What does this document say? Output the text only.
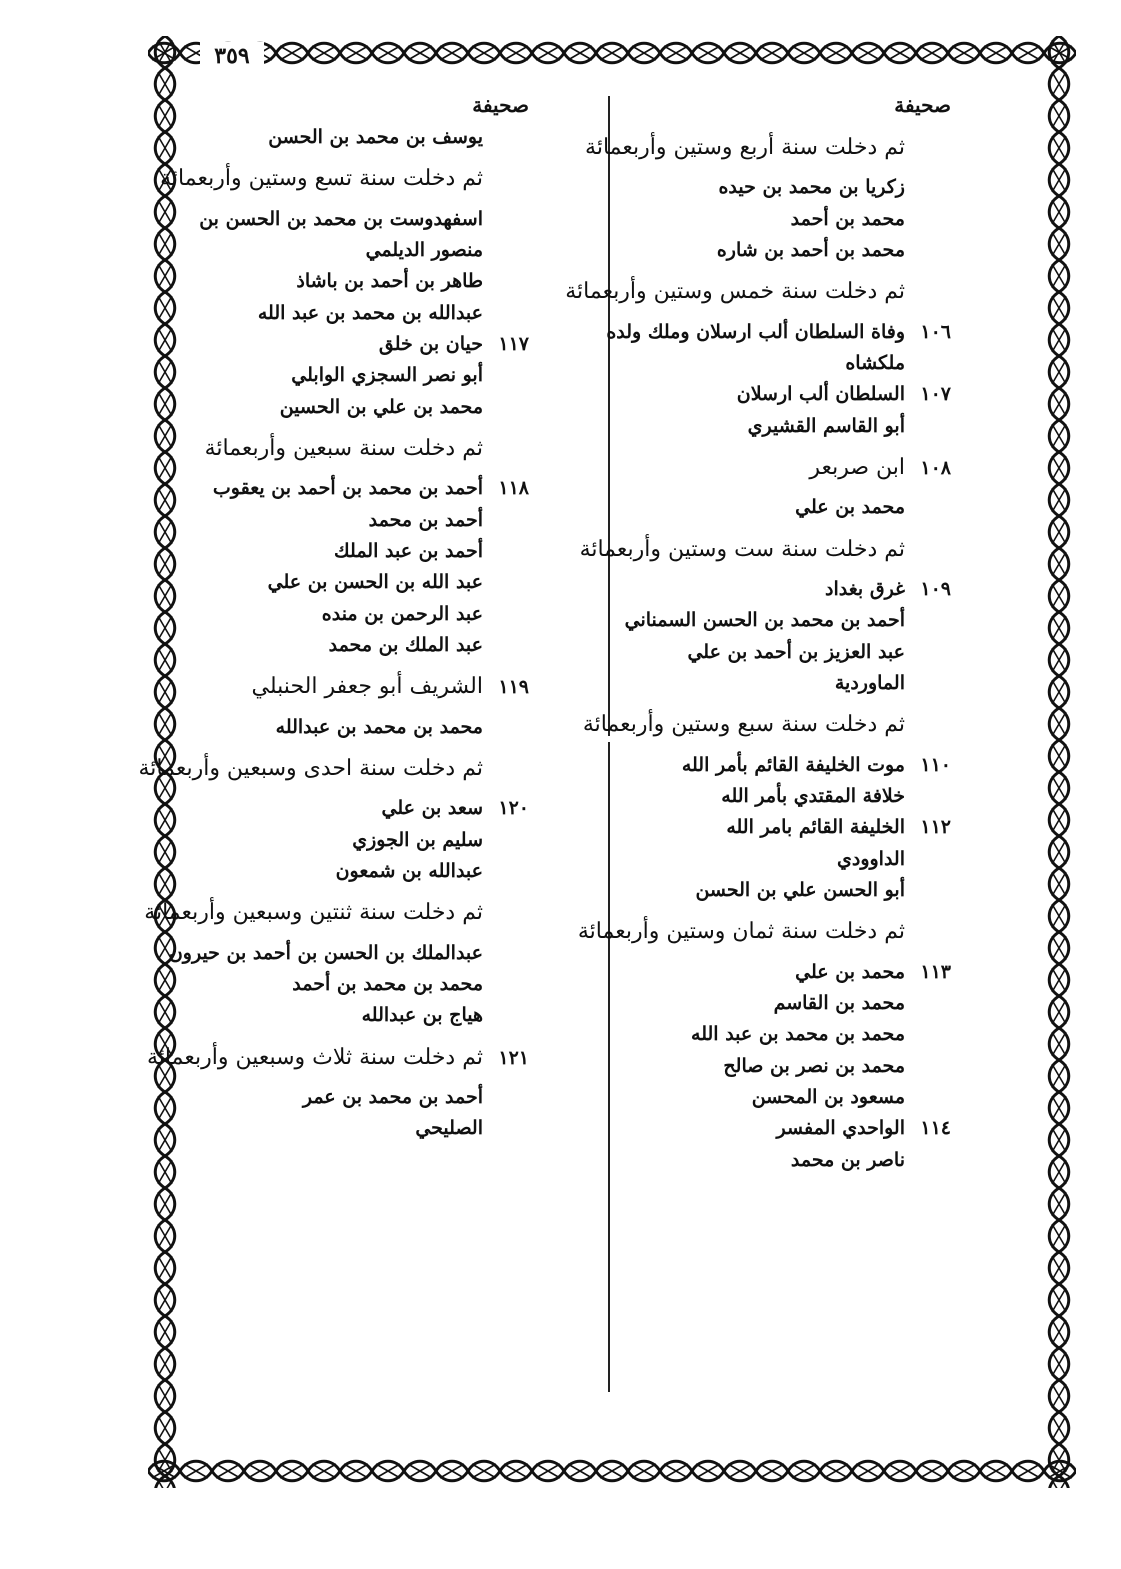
٣٥٩
صحيفة
ثم دخلت سنة أربع وستين وأربعمائة
زكريا بن محمد بن حيده
محمد بن أحمد
محمد بن أحمد بن شاره
ثم دخلت سنة خمس وستين وأربعمائة
١٠٦
وفاة السلطان ألب ارسلان وملك ولده
ملكشاه
١٠٧
السلطان ألب ارسلان
أبو القاسم القشيري
١٠٨
ابن صربعر
محمد بن علي
ثم دخلت سنة ست وستين وأربعمائة
١٠٩
غرق بغداد
أحمد بن محمد بن الحسن السمناني
عبد العزيز بن أحمد بن علي
الماوردية
ثم دخلت سنة سبع وستين وأربعمائة
١١٠
موت الخليفة القائم بأمر الله
خلافة المقتدي بأمر الله
١١٢
الخليفة القائم بامر الله
الداوودي
أبو الحسن علي بن الحسن
ثم دخلت سنة ثمان وستين وأربعمائة
١١٣
محمد بن علي
محمد بن القاسم
محمد بن محمد بن عبد الله
محمد بن نصر بن صالح
مسعود بن المحسن
١١٤
الواحدي المفسر
ناصر بن محمد
صحيفة
يوسف بن محمد بن الحسن
ثم دخلت سنة تسع وستين وأربعمائة
اسفهدوست بن محمد بن الحسن بن
منصور الديلمي
طاهر بن أحمد بن باشاذ
عبدالله بن محمد بن عبد الله
١١٧
حيان بن خلق
أبو نصر السجزي الوابلي
محمد بن علي بن الحسين
ثم دخلت سنة سبعين وأربعمائة
١١٨
أحمد بن محمد بن أحمد بن يعقوب
أحمد بن محمد
أحمد بن عبد الملك
عبد الله بن الحسن بن علي
عبد الرحمن بن منده
عبد الملك بن محمد
١١٩
الشريف أبو جعفر الحنبلي
محمد بن محمد بن عبدالله
ثم دخلت سنة احدى وسبعين وأربعمائة
١٢٠
سعد بن علي
سليم بن الجوزي
عبدالله بن شمعون
ثم دخلت سنة ثنتين وسبعين وأربعمائة
عبدالملك بن الحسن بن أحمد بن حيرون
محمد بن محمد بن أحمد
هياج بن عبدالله
١٢١
ثم دخلت سنة ثلاث وسبعين وأربعمائة
أحمد بن محمد بن عمر
الصليحي
